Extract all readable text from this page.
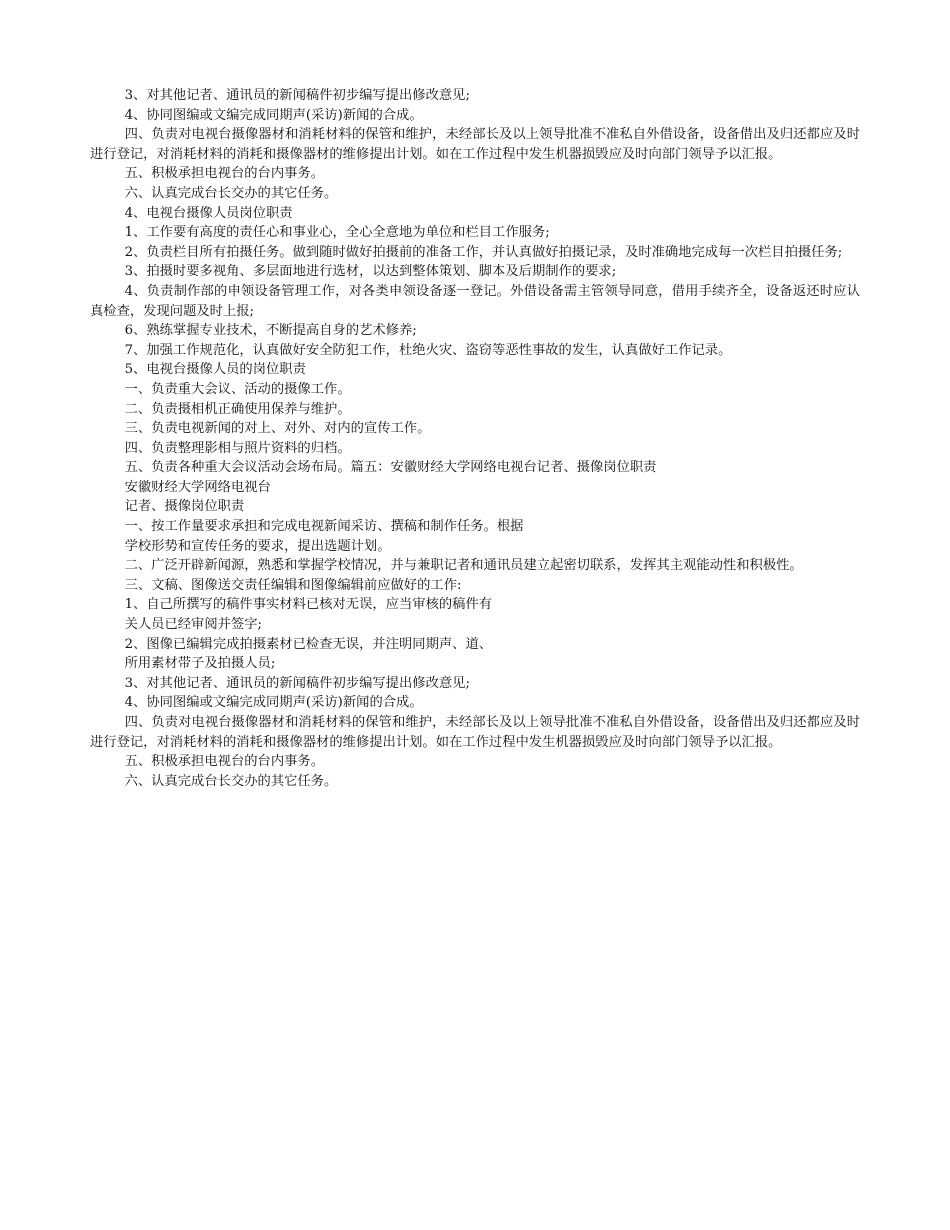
3、对其他记者、通讯员的新闻稿件初步编写提出修改意见;

4、协同图编或文编完成同期声(采访)新闻的合成。

四、负责对电视台摄像器材和消耗材料的保管和维护，未经部长及以上领导批准不准私自外借设备，设备借出及归还都应及时进行登记，对消耗材料的消耗和摄像器材的维修提出计划。如在工作过程中发生机器损毁应及时向部门领导予以汇报。

五、积极承担电视台的台内事务。

六、认真完成台长交办的其它任务。

4、电视台摄像人员岗位职责

1、工作要有高度的责任心和事业心，全心全意地为单位和栏目工作服务;

2、负责栏目所有拍摄任务。做到随时做好拍摄前的准备工作，并认真做好拍摄记录，及时准确地完成每一次栏目拍摄任务;

3、拍摄时要多视角、多层面地进行选材，以达到整体策划、脚本及后期制作的要求;

4、负责制作部的申领设备管理工作，对各类申领设备逐一登记。外借设备需主管领导同意，借用手续齐全，设备返还时应认真检查，发现问题及时上报;

6、熟练掌握专业技术，不断提高自身的艺术修养;

7、加强工作规范化，认真做好安全防犯工作，杜绝火灾、盗窃等恶性事故的发生，认真做好工作记录。

5、电视台摄像人员的岗位职责

一、负责重大会议、活动的摄像工作。

二、负责摄相机正确使用保养与维护。

三、负责电视新闻的对上、对外、对内的宣传工作。

四、负责整理影相与照片资料的归档。

五、负责各种重大会议活动会场布局。篇五：安徽财经大学网络电视台记者、摄像岗位职责

安徽财经大学网络电视台

记者、摄像岗位职责

一、按工作量要求承担和完成电视新闻采访、撰稿和制作任务。根据

学校形势和宣传任务的要求，提出选题计划。

二、广泛开辟新闻源，熟悉和掌握学校情况，并与兼职记者和通讯员建立起密切联系，发挥其主观能动性和积极性。

三、文稿、图像送交责任编辑和图像编辑前应做好的工作:

1、自己所撰写的稿件事实材料已核对无误，应当审核的稿件有

关人员已经审阅并签字;

2、图像已编辑完成拍摄素材已检查无误，并注明同期声、道、

所用素材带子及拍摄人员;

3、对其他记者、通讯员的新闻稿件初步编写提出修改意见;

4、协同图编或文编完成同期声(采访)新闻的合成。

四、负责对电视台摄像器材和消耗材料的保管和维护，未经部长及以上领导批准不准私自外借设备，设备借出及归还都应及时进行登记，对消耗材料的消耗和摄像器材的维修提出计划。如在工作过程中发生机器损毁应及时向部门领导予以汇报。

五、积极承担电视台的台内事务。

六、认真完成台长交办的其它任务。
